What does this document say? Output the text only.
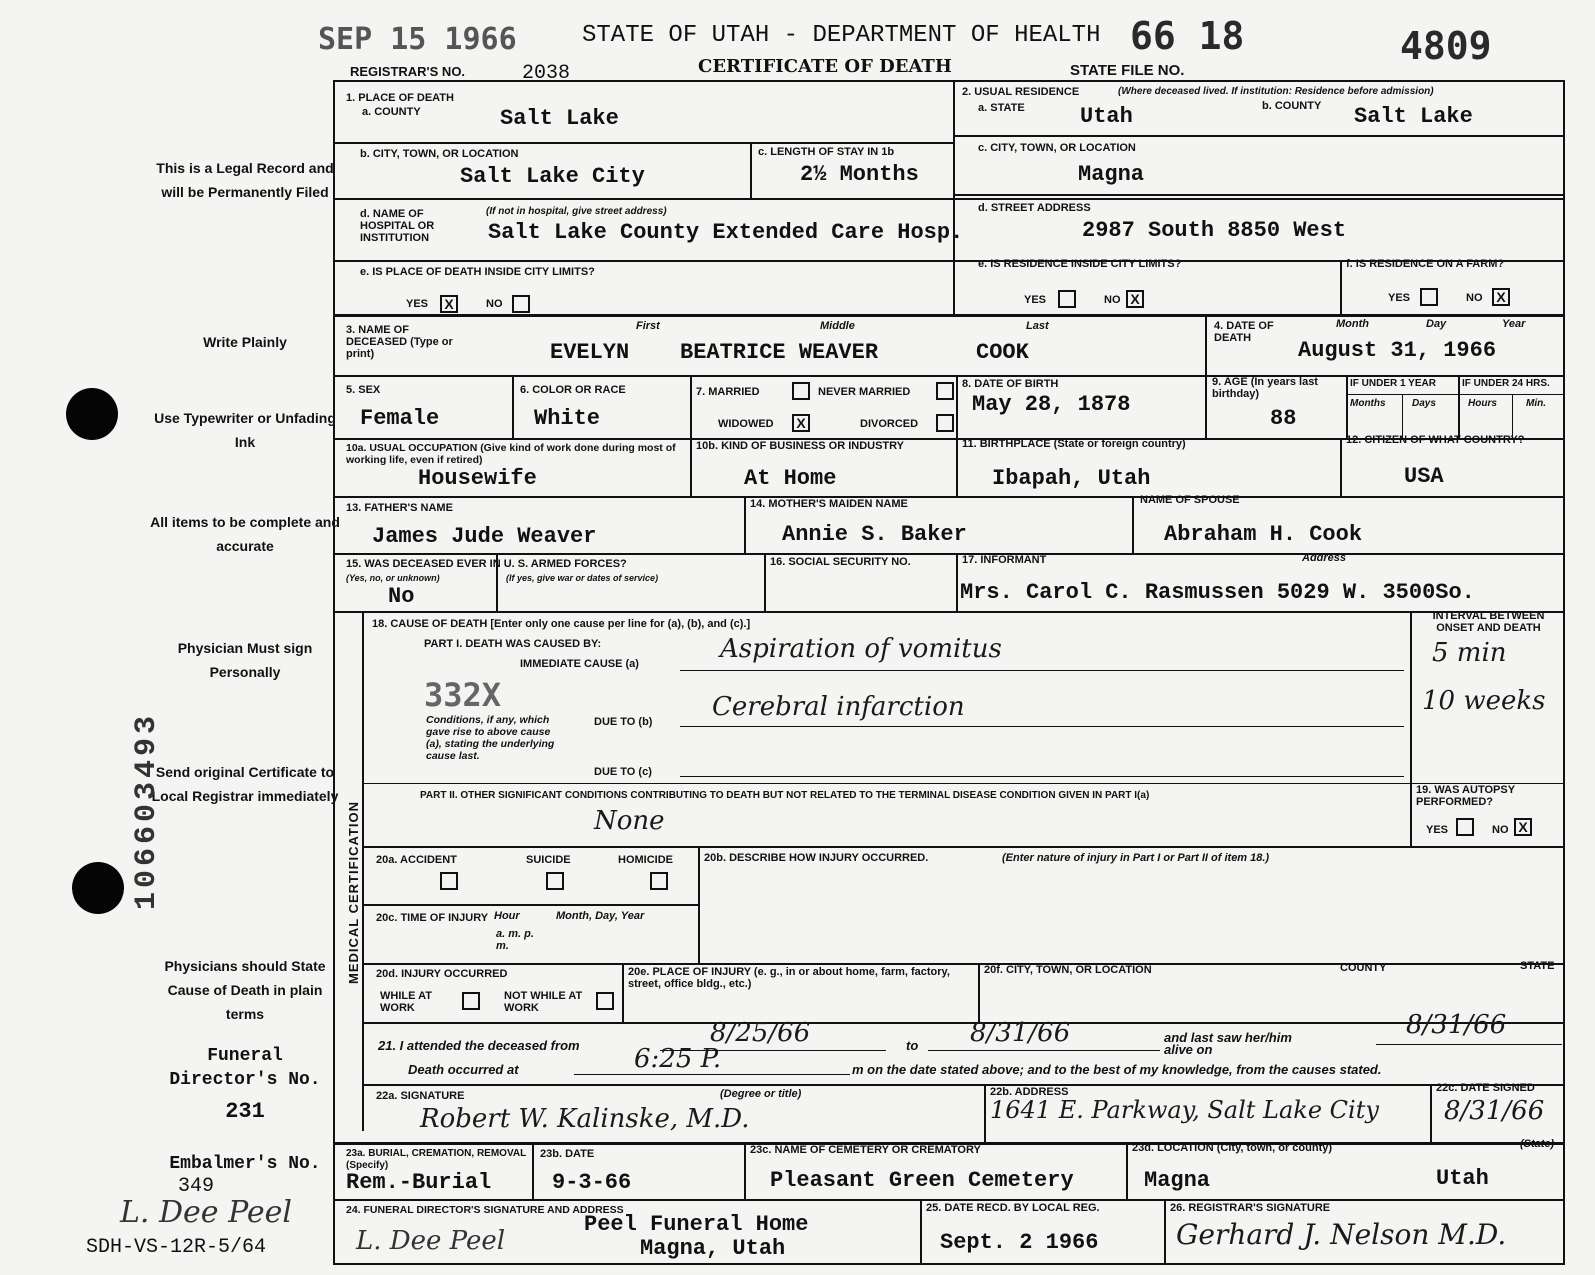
SEP 15 1966	STATE OF UTAH - DEPARTMENT OF HEALTH 66 18	4809
REGISTRAR'S NO.	2038	CERTIFICATE OF DEATH	STATE FILE NO.
This is a Legal Record and will be Permanently Filed
Write Plainly
Use Typewriter or Unfading Ink
All items to be complete and accurate
Physician Must sign Personally
Send original Certificate to Local Registrar immediately
Physicians should State Cause of Death in plain terms
Funeral Director's No.
231
Embalmer's No.
349
L. Dee Peel
SDH-VS-12R-5/64
106603493
1. PLACE OF DEATH
a. COUNTY	Salt Lake
2. USUAL RESIDENCE	(Where deceased lived. If institution: Residence before admission)
a. STATE	Utah	b. COUNTY Salt Lake
b. CITY, TOWN, OR LOCATION
Salt Lake City
c. LENGTH OF STAY IN 1b
2½ Months
c. CITY, TOWN, OR LOCATION
Magna
d. NAME OF HOSPITAL OR INSTITUTION
(If not in hospital, give street address)
Salt Lake County Extended Care Hosp.
d. STREET ADDRESS
2987 South 8850 West
e. IS PLACE OF DEATH INSIDE CITY LIMITS?
YES	X	NO
e. IS RESIDENCE INSIDE CITY LIMITS?
YES	NO X
f. IS RESIDENCE ON A FARM?
YES	NO X
3. NAME OF DECEASED (Type or print)
First	Middle	Last
EVELYN BEATRICE WEAVER	COOK
4. DATE OF DEATH
Month	Day	Year
August 31, 1966
5. SEX
Female
6. COLOR OR RACE
White
7. MARRIED	NEVER MARRIED
WIDOWED	X	DIVORCED
8. DATE OF BIRTH
May 28, 1878
9. AGE (In years last birthday)
88
IF UNDER 1 YEAR	IF UNDER 24 HRS.
Months	Days	Hours	Min.
10a. USUAL OCCUPATION (Give kind of work done during most of working life, even if retired)
Housewife
10b. KIND OF BUSINESS OR INDUSTRY
At Home
11. BIRTHPLACE (State or foreign country)
Ibapah, Utah
12. CITIZEN OF WHAT COUNTRY?
USA
13. FATHER'S NAME
James Jude Weaver
14. MOTHER'S MAIDEN NAME
Annie S. Baker
NAME OF SPOUSE
Abraham H. Cook
15. WAS DECEASED EVER IN U. S. ARMED FORCES?
(Yes, no, or unknown)	(If yes, give war or dates of service)
No
16. SOCIAL SECURITY NO.	17. INFORMANT	Address
Mrs. Carol C. Rasmussen 5029 W. 3500So.
MEDICAL CERTIFICATION
18. CAUSE OF DEATH [Enter only one cause per line for (a), (b), and (c).]
PART I. DEATH WAS CAUSED BY:
IMMEDIATE CAUSE (a)	Aspiration of vomitus
INTERVAL BETWEEN ONSET AND DEATH
5 min
332X
Conditions, if any, which gave rise to above cause (a), stating the underlying cause last.
DUE TO (b) Cerebral infarction	10 weeks
DUE TO (c)
PART II. OTHER SIGNIFICANT CONDITIONS CONTRIBUTING TO DEATH BUT NOT RELATED TO THE TERMINAL DISEASE CONDITION GIVEN IN PART I(a)
None
19. WAS AUTOPSY PERFORMED?
YES	NO X
20a. ACCIDENT	SUICIDE	HOMICIDE	20b. DESCRIBE HOW INJURY OCCURRED.	(Enter nature of injury in Part I or Part II of item 18.)
20c. TIME OF INJURY Hour
a. m. p. m.
Month, Day, Year
20d. INJURY OCCURRED
WHILE AT WORK
NOT WHILE AT WORK
20e. PLACE OF INJURY (e. g., in or about home, farm, factory, street, office bldg., etc.)
20f. CITY, TOWN, OR LOCATION	COUNTY	STATE
21. I attended the deceased from	8/25/66	to 8/31/66	and last saw her/him alive on
8/31/66
Death occurred at	6:25 P.	m on the date stated above; and to the best of my knowledge, from the causes stated.
22a. SIGNATURE	(Degree or title)
Robert W. Kalinske, M.D.
22b. ADDRESS
1641 E. Parkway, Salt Lake City
22c. DATE SIGNED
8/31/66
23a. BURIAL, CREMATION, REMOVAL (Specify)
Rem.-Burial
23b. DATE
9-3-66
23c. NAME OF CEMETERY OR CREMATORY
Pleasant Green Cemetery
23d. LOCATION (City, town, or county)	(State)
Magna	Utah
24. FUNERAL DIRECTOR'S SIGNATURE AND ADDRESS
L. Dee Peel
Peel Funeral Home
Magna, Utah
25. DATE RECD. BY LOCAL REG.
Sept. 2 1966
26. REGISTRAR'S SIGNATURE
Gerhard J. Nelson M.D.
